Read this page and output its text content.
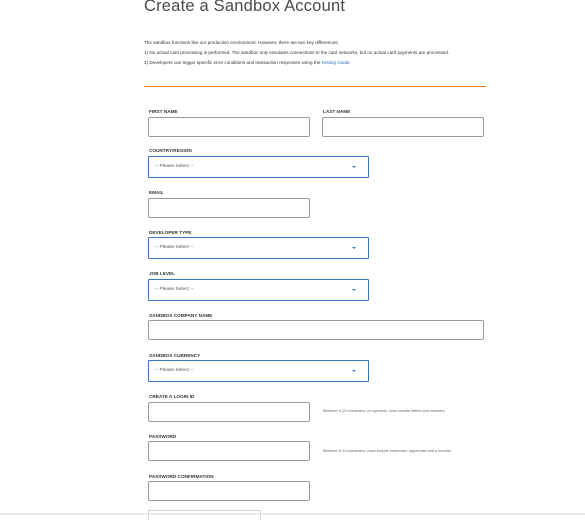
Create a Sandbox Account

The sandbox functions like our production environment. However, there are two key differences:

1) No actual card processing is performed. The sandbox only simulates connections to the card networks, but no actual card payments are processed.

2) Developers can trigger specific error conditions and transaction responses using the Testing Guide.

FIRST NAME	LAST NAME
COUNTRY/REGION
-- Please Select --
EMAIL
DEVELOPER TYPE
-- Please Select --
JOB LEVEL
-- Please Select --
SANDBOX COMPANY NAME
SANDBOX CURRENCY
-- Please Select --
CREATE A LOGIN ID
Between 6-20 characters, no symbols, must include letters and numbers.
PASSWORD
Between 8-16 characters, must include lowercase, uppercase and a number.
PASSWORD CONFIRMATION
